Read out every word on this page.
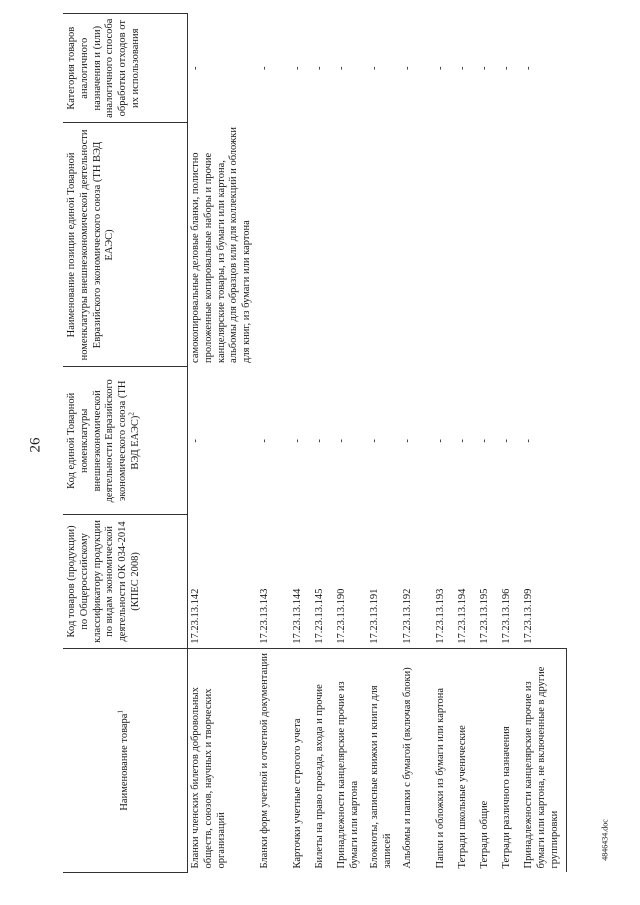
26
4846434.doc
Наименование товара$^1$	Код товаров (продукции) по Общероссийскому классификатору продукции по видам экономической деятельности ОК 034-2014 (КПЕС 2008)	Код единой Товарной номенклатуры внешнеэкономической деятельности Евразийского экономического союза (ТН ВЭД ЕАЭС)$^2$	Наименование позиции единой Товарной номенклатуры внешнеэкономической деятельности Евразийского экономического союза (ТН ВЭД ЕАЭС)	Категория товаров аналогичного назначения и (или) аналогичного способа обработки отходов от их использования
Бланки членских билетов добровольных обществ, союзов, научных и творческих организаций	17.23.13.142	-	самокопировальные деловые бланки, полистно проложенные копировальные наборы и прочие канцелярские товары, из бумаги или картона, альбомы для образцов или для коллекций и обложки для книг, из бумаги или картона	-
Бланки форм учетной и отчетной документации	17.23.13.143	-		-
Карточки учетные строгого учета	17.23.13.144	-		-
Билеты на право проезда, входа и прочие	17.23.13.145	-		-
Принадлежности канцелярские прочие из бумаги или картона	17.23.13.190	-		-
Блокноты, записные книжки и книги для записей	17.23.13.191	-		-
Альбомы и папки с бумагой (включая блоки)	17.23.13.192	-		-
Папки и обложки из бумаги или картона	17.23.13.193	-		-
Тетради школьные ученические	17.23.13.194	-		-
Тетради общие	17.23.13.195	-		-
Тетради различного назначения	17.23.13.196	-		-
Принадлежности канцелярские прочие из бумаги или картона, не включенные в другие группировки	17.23.13.199	-		-
